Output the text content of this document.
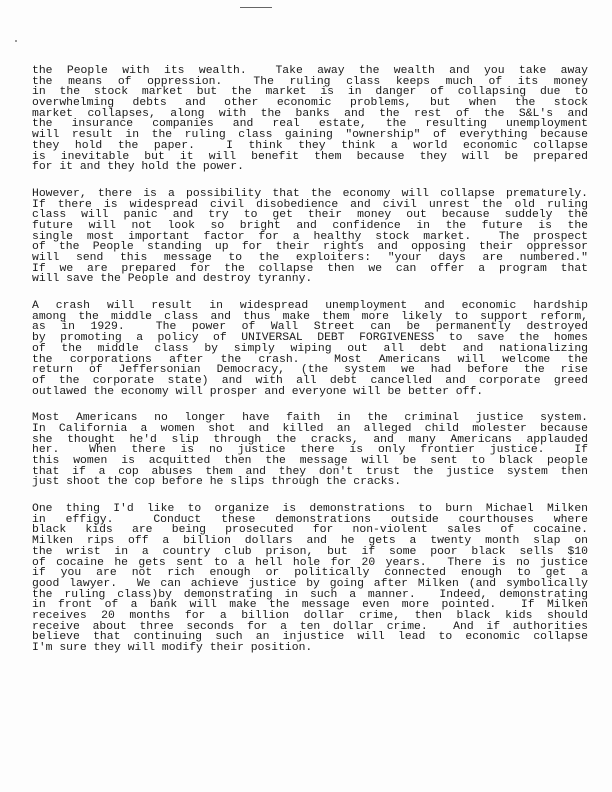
the People with its wealth.  Take away the wealth and you take away
the means of oppression.  The ruling class keeps much of its money
in the stock market but the market is in danger of collapsing due to
overwhelming debts and other economic problems, but when the stock
market collapses, along with the banks and the rest of the S&L's and
the insurance companies and real estate, the resulting unemployment
will result in the ruling class gaining "ownership" of everything because
they hold the paper.  I think they think a world economic collapse
is inevitable but it will benefit them because they will be prepared
for it and they hold the power.
However, there is a possibility that the economy will collapse prematurely.
If there is widespread civil disobedience and civil unrest the old ruling
class will panic and try to get their money out because suddely the
future will not look so bright and confidence in the future is the
single most important factor for a healthy stock market.  The prospect
of the People standing up for their rights and opposing their oppressor
will send this message to the exploiters: "your days are numbered."
If we are prepared for the collapse then we can offer a program that
will save the People and destroy tyranny.
A crash will result in widespread unemployment and economic hardship
among the middle class and thus make them more likely to support reform,
as in 1929.  The power of Wall Street can be permanently destroyed
by promoting a policy of UNIVERSAL DEBT FORGIVENESS to save the homes
of the middle class by simply wiping out all debt and nationalizing
the corporations after the crash.  Most Americans will welcome the
return of Jeffersonian Democracy, (the system we had before the rise
of the corporate state) and with all debt cancelled and corporate greed
outlawed the economy will prosper and everyone will be better off.
Most Americans no longer have faith in the criminal justice system.
In California a women shot and killed an alleged child molester because
she thought he'd slip through the cracks, and many Americans applauded
her.  When there is no justice there is only frontier justice.  If
this women is acquitted then the message will be sent to black people
that if a cop abuses them and they don't trust the justice system then
just shoot the cop before he slips through the cracks.
One thing I'd like to organize is demonstrations to burn Michael Milken
in effigy.  Conduct these demonstrations outside courthouses where
black kids are being prosecuted for non-violent sales of cocaine.
Milken rips off a billion dollars and he gets a twenty month slap on
the wrist in a country club prison, but if some poor black sells $10
of cocaine he gets sent to a hell hole for 20 years.  There is no justice
if you are not rich enough or politically connected enough to get a
good lawyer.  We can achieve justice by going after Milken (and symbolically
the ruling class)by demonstrating in such a manner.  Indeed, demonstrating
in front of a bank will make the message even more pointed.  If Milken
receives 20 months for a billion dollar crime, then black kids should
receive about three seconds for a ten dollar crime.  And if authorities
believe that continuing such an injustice will lead to economic collapse
I'm sure they will modify their position.
